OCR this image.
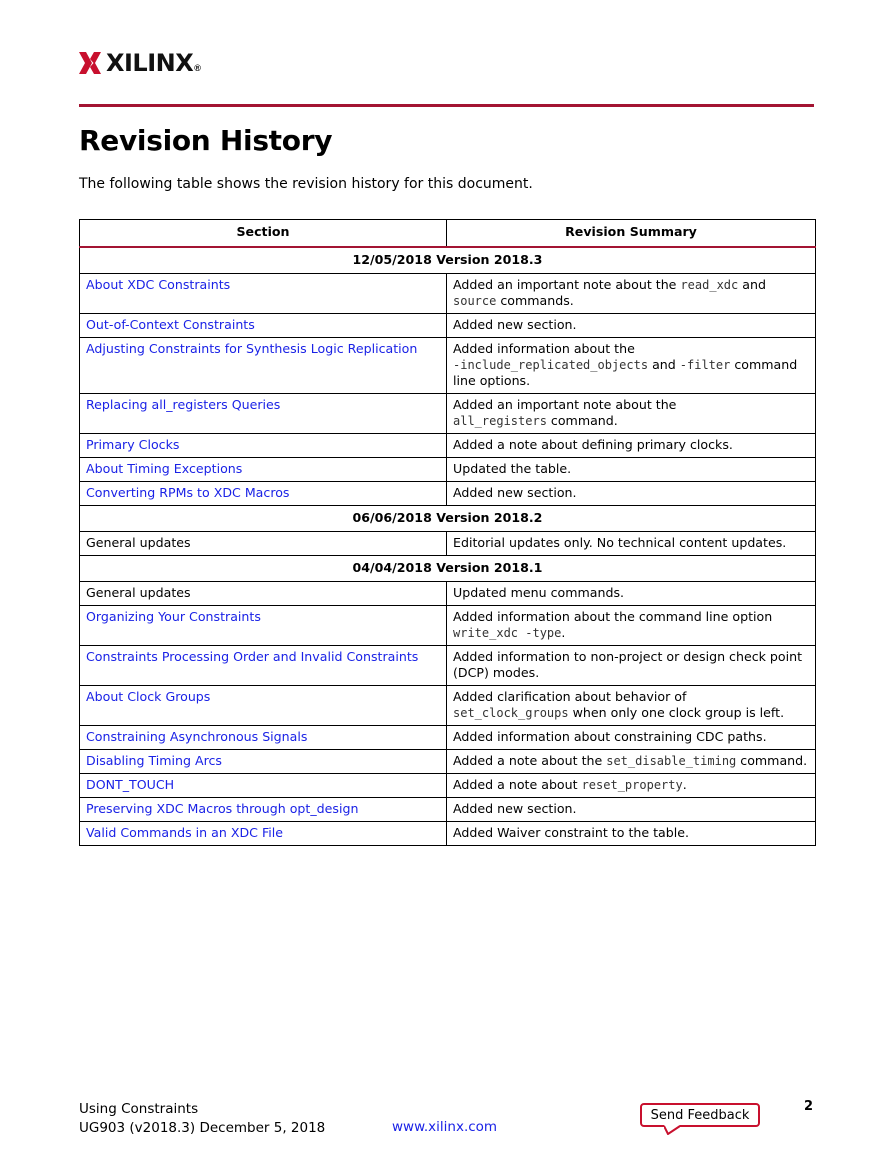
XILINX ®
Revision History
The following table shows the revision history for this document.
Section	Revision Summary
12/05/2018 Version 2018.3	
About XDC Constraints	Added an important note about the read_xdc and source commands.
Out-of-Context Constraints	Added new section.
Adjusting Constraints for Synthesis Logic Replication	Added information about the
-include_replicated_objects and -filter command line options.
Replacing all_registers Queries	Added an important note about the
all_registers command.
Primary Clocks	Added a note about defining primary clocks.
About Timing Exceptions	Updated the table.
Converting RPMs to XDC Macros	Added new section.
06/06/2018 Version 2018.2	
General updates	Editorial updates only. No technical content updates.
04/04/2018 Version 2018.1	
General updates	Updated menu commands.
Organizing Your Constraints	Added information about the command line option
write_xdc -type.
Constraints Processing Order and Invalid Constraints	Added information to non-project or design check point (DCP) modes.
About Clock Groups	Added clarification about behavior of
set_clock_groups when only one clock group is left.
Constraining Asynchronous Signals	Added information about constraining CDC paths.
Disabling Timing Arcs	Added a note about the set_disable_timing command.
DONT_TOUCH	Added a note about reset_property.
Preserving XDC Macros through opt_design	Added new section.
Valid Commands in an XDC File	Added Waiver constraint to the table.
Using Constraints
UG903 (v2018.3) December 5, 2018	www.xilinx.com
Send Feedback
2
